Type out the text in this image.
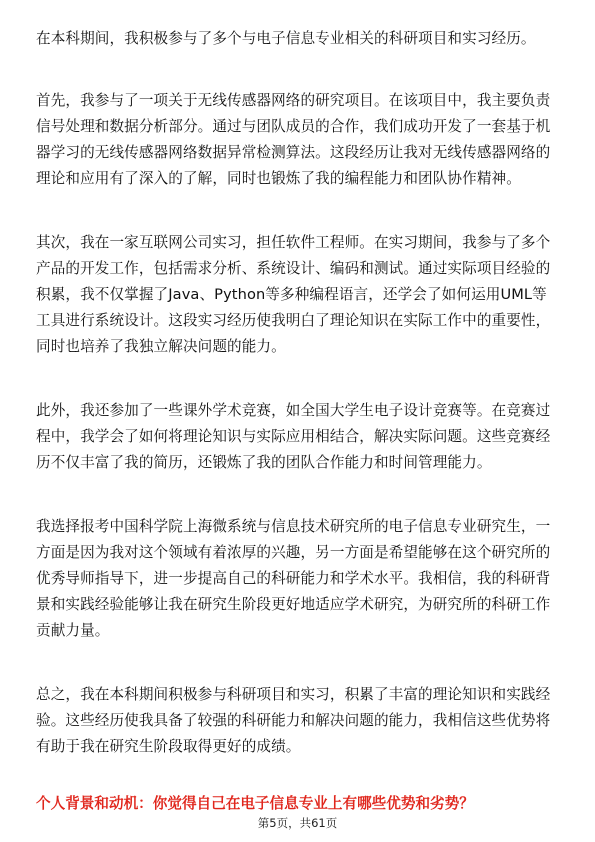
在本科期间，我积极参与了多个与电子信息专业相关的科研项目和实习经历。

首先，我参与了一项关于无线传感器网络的研究项目。在该项目中，我主要负责信号处理和数据分析部分。通过与团队成员的合作，我们成功开发了一套基于机器学习的无线传感器网络数据异常检测算法。这段经历让我对无线传感器网络的理论和应用有了深入的了解，同时也锻炼了我的编程能力和团队协作精神。

其次，我在一家互联网公司实习，担任软件工程师。在实习期间，我参与了多个产品的开发工作，包括需求分析、系统设计、编码和测试。通过实际项目经验的积累，我不仅掌握了Java、Python等多种编程语言，还学会了如何运用UML等工具进行系统设计。这段实习经历使我明白了理论知识在实际工作中的重要性，同时也培养了我独立解决问题的能力。

此外，我还参加了一些课外学术竞赛，如全国大学生电子设计竞赛等。在竞赛过程中，我学会了如何将理论知识与实际应用相结合，解决实际问题。这些竞赛经历不仅丰富了我的简历，还锻炼了我的团队合作能力和时间管理能力。

我选择报考中国科学院上海微系统与信息技术研究所的电子信息专业研究生，一方面是因为我对这个领域有着浓厚的兴趣，另一方面是希望能够在这个研究所的优秀导师指导下，进一步提高自己的科研能力和学术水平。我相信，我的科研背景和实践经验能够让我在研究生阶段更好地适应学术研究，为研究所的科研工作贡献力量。

总之，我在本科期间积极参与科研项目和实习，积累了丰富的理论知识和实践经验。这些经历使我具备了较强的科研能力和解决问题的能力，我相信这些优势将有助于我在研究生阶段取得更好的成绩。

个人背景和动机：你觉得自己在电子信息专业上有哪些优势和劣势？

第5页，共61页
